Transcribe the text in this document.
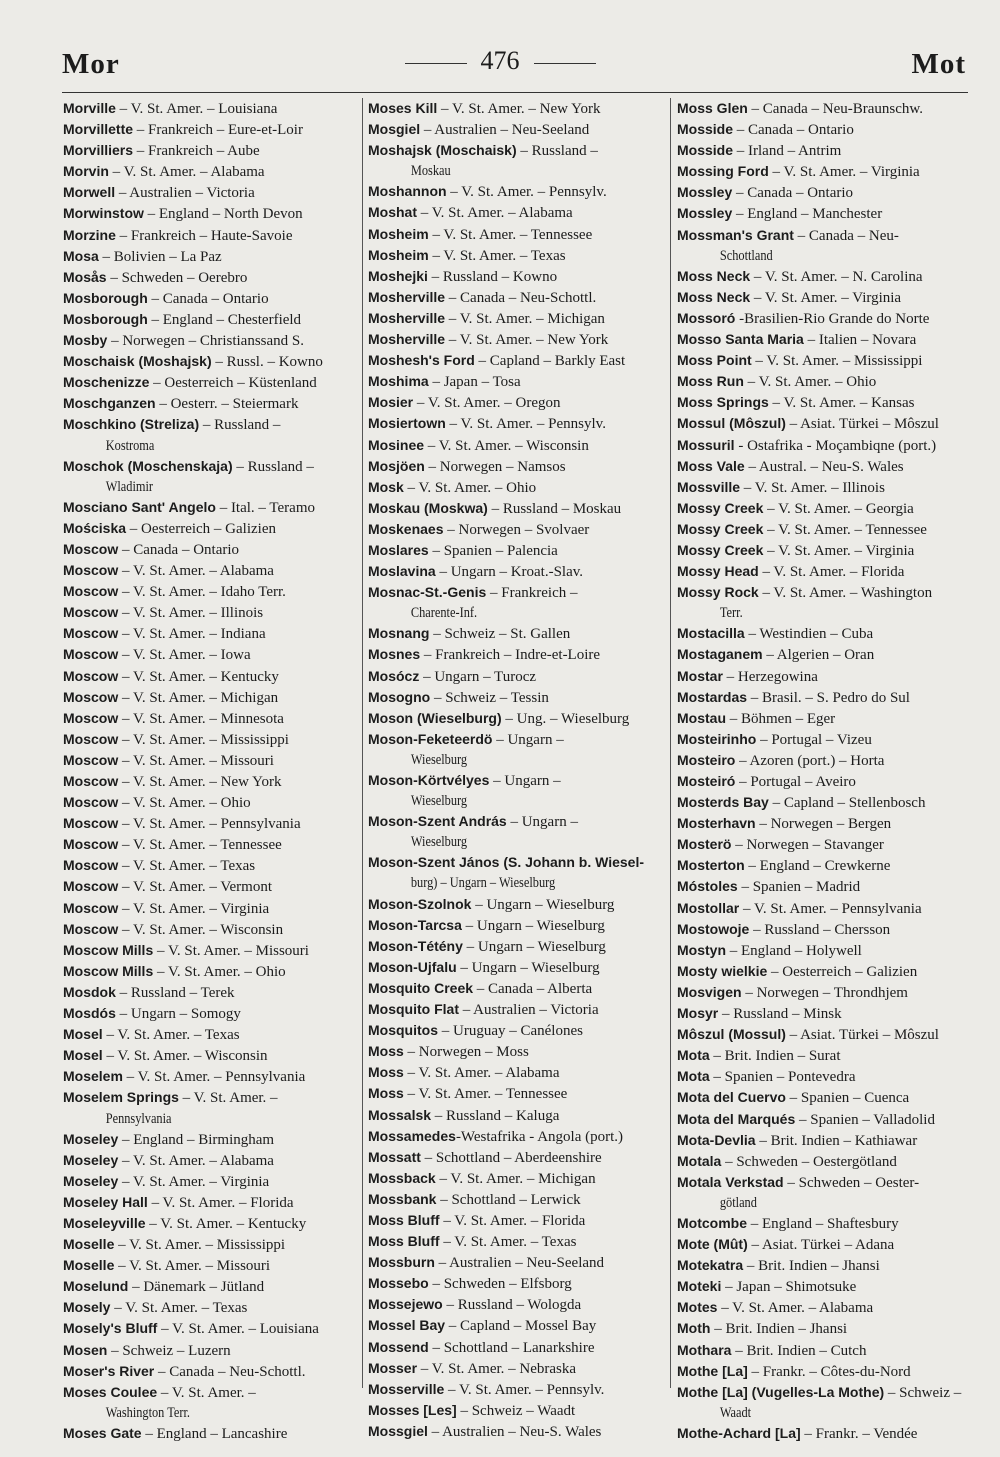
Mor	476	Mot
Morville – V. St. Amer. – Louisiana
Morvillette – Frankreich – Eure-et-Loir
Morvilliers – Frankreich – Aube
Morvin – V. St. Amer. – Alabama
Morwell – Australien – Victoria
Morwinstow – England – North Devon
Morzine – Frankreich – Haute-Savoie
Mosa – Bolivien – La Paz
Mosås – Schweden – Oerebro
Mosborough – Canada – Ontario
Mosborough – England – Chesterfield
Mosby – Norwegen – Christianssand S.
Moschaisk (Moshajsk) – Russl. – Kowno
Moschenizze – Oesterreich – Küstenland
Moschganzen – Oesterr. – Steiermark
Moschkino (Streliza) – Russland –
Kostroma
Moschok (Moschenskaja) – Russland –
Wladimir
Mosciano Sant' Angelo – Ital. – Teramo
Mościska – Oesterreich – Galizien
Moscow – Canada – Ontario
Moscow – V. St. Amer. – Alabama
Moscow – V. St. Amer. – Idaho Terr.
Moscow – V. St. Amer. – Illinois
Moscow – V. St. Amer. – Indiana
Moscow – V. St. Amer. – Iowa
Moscow – V. St. Amer. – Kentucky
Moscow – V. St. Amer. – Michigan
Moscow – V. St. Amer. – Minnesota
Moscow – V. St. Amer. – Mississippi
Moscow – V. St. Amer. – Missouri
Moscow – V. St. Amer. – New York
Moscow – V. St. Amer. – Ohio
Moscow – V. St. Amer. – Pennsylvania
Moscow – V. St. Amer. – Tennessee
Moscow – V. St. Amer. – Texas
Moscow – V. St. Amer. – Vermont
Moscow – V. St. Amer. – Virginia
Moscow – V. St. Amer. – Wisconsin
Moscow Mills – V. St. Amer. – Missouri
Moscow Mills – V. St. Amer. – Ohio
Mosdok – Russland – Terek
Mosdós – Ungarn – Somogy
Mosel – V. St. Amer. – Texas
Mosel – V. St. Amer. – Wisconsin
Moselem – V. St. Amer. – Pennsylvania
Moselem Springs – V. St. Amer. –
Pennsylvania
Moseley – England – Birmingham
Moseley – V. St. Amer. – Alabama
Moseley – V. St. Amer. – Virginia
Moseley Hall – V. St. Amer. – Florida
Moseleyville – V. St. Amer. – Kentucky
Moselle – V. St. Amer. – Mississippi
Moselle – V. St. Amer. – Missouri
Moselund – Dänemark – Jütland
Mosely – V. St. Amer. – Texas
Mosely's Bluff – V. St. Amer. – Louisiana
Mosen – Schweiz – Luzern
Moser's River – Canada – Neu-Schottl.
Moses Coulee – V. St. Amer. –
Washington Terr.
Moses Gate – England – Lancashire
Moses Kill – V. St. Amer. – New York
Mosgiel – Australien – Neu-Seeland
Moshajsk (Moschaisk) – Russland –
Moskau
Moshannon – V. St. Amer. – Pennsylv.
Moshat – V. St. Amer. – Alabama
Mosheim – V. St. Amer. – Tennessee
Mosheim – V. St. Amer. – Texas
Moshejki – Russland – Kowno
Mosherville – Canada – Neu-Schottl.
Mosherville – V. St. Amer. – Michigan
Mosherville – V. St. Amer. – New York
Moshesh's Ford – Capland – Barkly East
Moshima – Japan – Tosa
Mosier – V. St. Amer. – Oregon
Mosiertown – V. St. Amer. – Pennsylv.
Mosinee – V. St. Amer. – Wisconsin
Mosjöen – Norwegen – Namsos
Mosk – V. St. Amer. – Ohio
Moskau (Moskwa) – Russland – Moskau
Moskenaes – Norwegen – Svolvaer
Moslares – Spanien – Palencia
Moslavina – Ungarn – Kroat.-Slav.
Mosnac-St.-Genis – Frankreich –
Charente-Inf.
Mosnang – Schweiz – St. Gallen
Mosnes – Frankreich – Indre-et-Loire
Mosócz – Ungarn – Turocz
Mosogno – Schweiz – Tessin
Moson (Wieselburg) – Ung. – Wieselburg
Moson-Feketeerdö – Ungarn –
Wieselburg
Moson-Körtvélyes – Ungarn –
Wieselburg
Moson-Szent András – Ungarn –
Wieselburg
Moson-Szent János (S. Johann b. Wiesel-
burg) – Ungarn – Wieselburg
Moson-Szolnok – Ungarn – Wieselburg
Moson-Tarcsa – Ungarn – Wieselburg
Moson-Tétény – Ungarn – Wieselburg
Moson-Ujfalu – Ungarn – Wieselburg
Mosquito Creek – Canada – Alberta
Mosquito Flat – Australien – Victoria
Mosquitos – Uruguay – Canélones
Moss – Norwegen – Moss
Moss – V. St. Amer. – Alabama
Moss – V. St. Amer. – Tennessee
Mossalsk – Russland – Kaluga
Mossamedes-Westafrika - Angola (port.)
Mossatt – Schottland – Aberdeenshire
Mossback – V. St. Amer. – Michigan
Mossbank – Schottland – Lerwick
Moss Bluff – V. St. Amer. – Florida
Moss Bluff – V. St. Amer. – Texas
Mossburn – Australien – Neu-Seeland
Mossebo – Schweden – Elfsborg
Mossejewo – Russland – Wologda
Mossel Bay – Capland – Mossel Bay
Mossend – Schottland – Lanarkshire
Mosser – V. St. Amer. – Nebraska
Mosserville – V. St. Amer. – Pennsylv.
Mosses [Les] – Schweiz – Waadt
Mossgiel – Australien – Neu-S. Wales
Moss Glen – Canada – Neu-Braunschw.
Mosside – Canada – Ontario
Mosside – Irland – Antrim
Mossing Ford – V. St. Amer. – Virginia
Mossley – Canada – Ontario
Mossley – England – Manchester
Mossman's Grant – Canada – Neu-
Schottland
Moss Neck – V. St. Amer. – N. Carolina
Moss Neck – V. St. Amer. – Virginia
Mossoró -Brasilien-Rio Grande do Norte
Mosso Santa Maria – Italien – Novara
Moss Point – V. St. Amer. – Mississippi
Moss Run – V. St. Amer. – Ohio
Moss Springs – V. St. Amer. – Kansas
Mossul (Môszul) – Asiat. Türkei – Môszul
Mossuril - Ostafrika - Moçambiqne (port.)
Moss Vale – Austral. – Neu-S. Wales
Mossville – V. St. Amer. – Illinois
Mossy Creek – V. St. Amer. – Georgia
Mossy Creek – V. St. Amer. – Tennessee
Mossy Creek – V. St. Amer. – Virginia
Mossy Head – V. St. Amer. – Florida
Mossy Rock – V. St. Amer. – Washington
Terr.
Mostacilla – Westindien – Cuba
Mostaganem – Algerien – Oran
Mostar – Herzegowina
Mostardas – Brasil. – S. Pedro do Sul
Mostau – Böhmen – Eger
Mosteirinho – Portugal – Vizeu
Mosteiro – Azoren (port.) – Horta
Mosteiró – Portugal – Aveiro
Mosterds Bay – Capland – Stellenbosch
Mosterhavn – Norwegen – Bergen
Mosterö – Norwegen – Stavanger
Mosterton – England – Crewkerne
Móstoles – Spanien – Madrid
Mostollar – V. St. Amer. – Pennsylvania
Mostowoje – Russland – Chersson
Mostyn – England – Holywell
Mosty wielkie – Oesterreich – Galizien
Mosvigen – Norwegen – Throndhjem
Mosyr – Russland – Minsk
Môszul (Mossul) – Asiat. Türkei – Môszul
Mota – Brit. Indien – Surat
Mota – Spanien – Pontevedra
Mota del Cuervo – Spanien – Cuenca
Mota del Marqués – Spanien – Valladolid
Mota-Devlia – Brit. Indien – Kathiawar
Motala – Schweden – Oestergötland
Motala Verkstad – Schweden – Oester-
götland
Motcombe – England – Shaftesbury
Mote (Mût) – Asiat. Türkei – Adana
Motekatra – Brit. Indien – Jhansi
Moteki – Japan – Shimotsuke
Motes – V. St. Amer. – Alabama
Moth – Brit. Indien – Jhansi
Mothara – Brit. Indien – Cutch
Mothe [La] – Frankr. – Côtes-du-Nord
Mothe [La] (Vugelles-La Mothe) – Schweiz –
Waadt
Mothe-Achard [La] – Frankr. – Vendée
